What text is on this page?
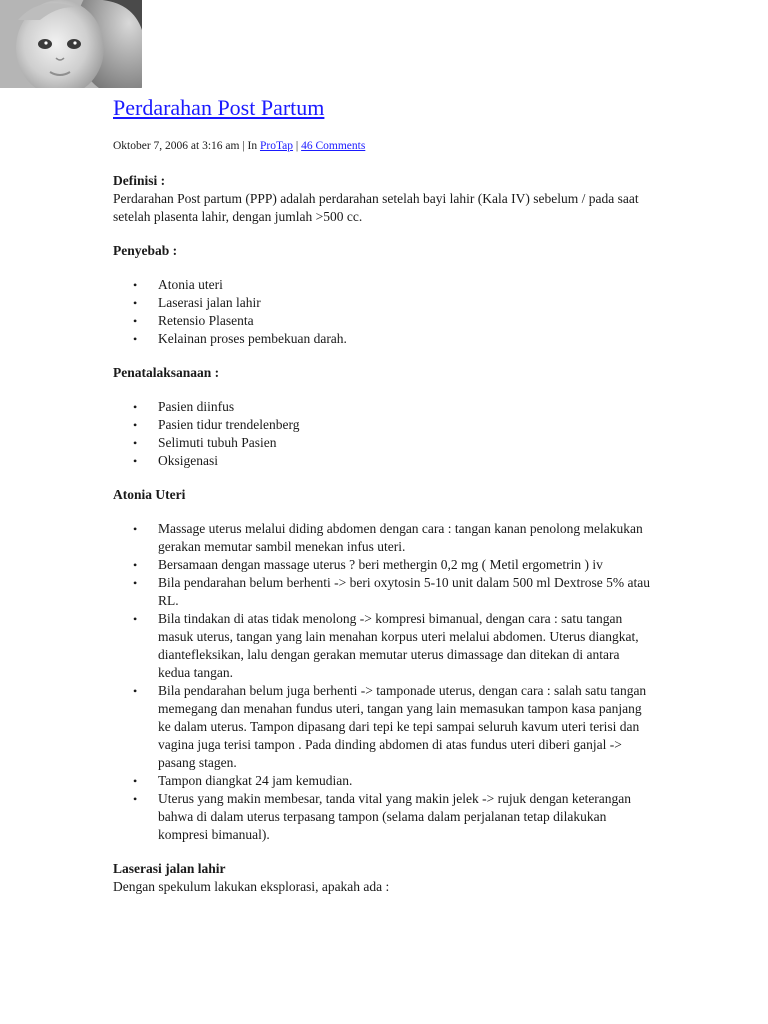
Perdarahan Post Partum
Oktober 7, 2006 at 3:16 am | In ProTap | 46 Comments

Definisi :

Perdarahan Post partum (PPP) adalah perdarahan setelah bayi lahir (Kala IV) sebelum / pada saat setelah plasenta lahir, dengan jumlah >500 cc.

Penyebab :

• Atonia uteri
• Laserasi jalan lahir
• Retensio Plasenta
• Kelainan proses pembekuan darah.

Penatalaksanaan :

• Pasien diinfus
• Pasien tidur trendelenberg
• Selimuti tubuh Pasien
• Oksigenasi

Atonia Uteri

• Massage uterus melalui diding abdomen dengan cara : tangan kanan penolong melakukan gerakan memutar sambil menekan infus uteri.
• Bersamaan dengan massage uterus ? beri methergin 0,2 mg ( Metil ergometrin ) iv
• Bila pendarahan belum berhenti -> beri oxytosin 5-10 unit dalam 500 ml Dextrose 5% atau RL.
• Bila tindakan di atas tidak menolong -> kompresi bimanual, dengan cara : satu tangan masuk uterus, tangan yang lain menahan korpus uteri melalui abdomen. Uterus diangkat, diantefleksikan, lalu dengan gerakan memutar uterus dimassage dan ditekan di antara kedua tangan.
• Bila pendarahan belum juga berhenti -> tamponade uterus, dengan cara : salah satu tangan memegang dan menahan fundus uteri, tangan yang lain memasukan tampon kasa panjang ke dalam uterus. Tampon dipasang dari tepi ke tepi sampai seluruh kavum uteri terisi dan vagina juga terisi tampon . Pada dinding abdomen di atas fundus uteri diberi ganjal -> pasang stagen.
• Tampon diangkat 24 jam kemudian.
• Uterus yang makin membesar, tanda vital yang makin jelek -> rujuk dengan keterangan bahwa di dalam uterus terpasang tampon (selama dalam perjalanan tetap dilakukan kompresi bimanual).

Laserasi jalan lahir

Dengan spekulum lakukan eksplorasi, apakah ada :
